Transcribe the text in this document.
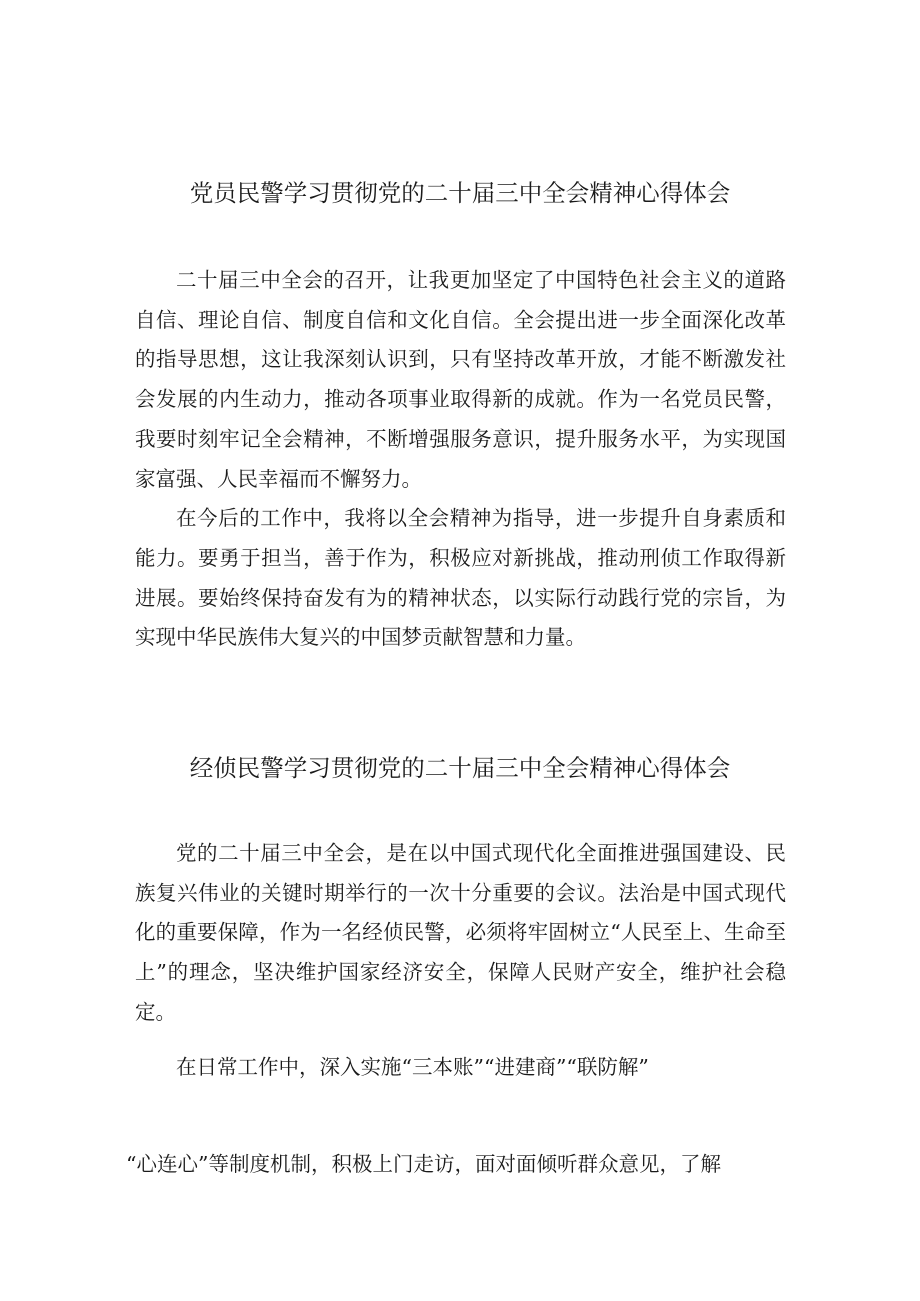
党员民警学习贯彻党的二十届三中全会精神心得体会

二十届三中全会的召开，让我更加坚定了中国特色社会主义的道路自信、理论自信、制度自信和文化自信。全会提出进一步全面深化改革的指导思想，这让我深刻认识到，只有坚持改革开放，才能不断激发社会发展的内生动力，推动各项事业取得新的成就。作为一名党员民警，我要时刻牢记全会精神，不断增强服务意识，提升服务水平，为实现国家富强、人民幸福而不懈努力。

在今后的工作中，我将以全会精神为指导，进一步提升自身素质和能力。要勇于担当，善于作为，积极应对新挑战，推动刑侦工作取得新进展。要始终保持奋发有为的精神状态，以实际行动践行党的宗旨，为实现中华民族伟大复兴的中国梦贡献智慧和力量。

经侦民警学习贯彻党的二十届三中全会精神心得体会

党的二十届三中全会，是在以中国式现代化全面推进强国建设、民族复兴伟业的关键时期举行的一次十分重要的会议。法治是中国式现代化的重要保障，作为一名经侦民警，必须将牢固树立“人民至上、生命至上”的理念，坚决维护国家经济安全，保障人民财产安全，维护社会稳定。

在日常工作中，深入实施“三本账”“进建商”“联防解”

“心连心”等制度机制，积极上门走访，面对面倾听群众意见，了解
